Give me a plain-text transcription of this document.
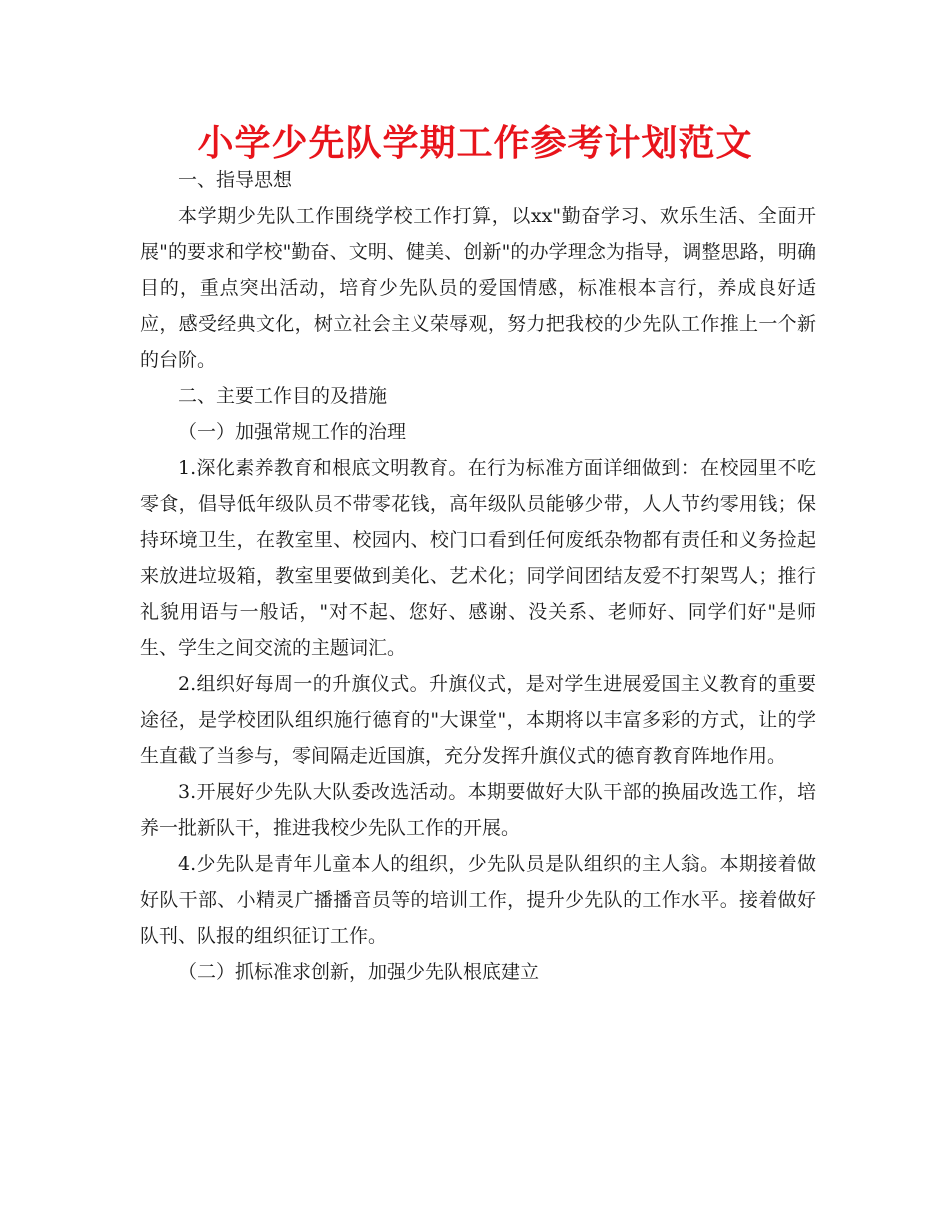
小学少先队学期工作参考计划范文

一、指导思想

本学期少先队工作围绕学校工作打算，以xx"勤奋学习、欢乐生活、全面开展"的要求和学校"勤奋、文明、健美、创新"的办学理念为指导，调整思路，明确目的，重点突出活动，培育少先队员的爱国情感，标准根本言行，养成良好适应，感受经典文化，树立社会主义荣辱观，努力把我校的少先队工作推上一个新的台阶。

二、主要工作目的及措施

（一）加强常规工作的治理

1.深化素养教育和根底文明教育。在行为标准方面详细做到：在校园里不吃零食，倡导低年级队员不带零花钱，高年级队员能够少带，人人节约零用钱；保持环境卫生，在教室里、校园内、校门口看到任何废纸杂物都有责任和义务捡起来放进垃圾箱，教室里要做到美化、艺术化；同学间团结友爱不打架骂人；推行礼貌用语与一般话，"对不起、您好、感谢、没关系、老师好、同学们好"是师生、学生之间交流的主题词汇。

2.组织好每周一的升旗仪式。升旗仪式，是对学生进展爱国主义教育的重要途径，是学校团队组织施行德育的"大课堂"，本期将以丰富多彩的方式，让的学生直截了当参与，零间隔走近国旗，充分发挥升旗仪式的德育教育阵地作用。

3.开展好少先队大队委改选活动。本期要做好大队干部的换届改选工作，培养一批新队干，推进我校少先队工作的开展。

4.少先队是青年儿童本人的组织，少先队员是队组织的主人翁。本期接着做好队干部、小精灵广播播音员等的培训工作，提升少先队的工作水平。接着做好队刊、队报的组织征订工作。

（二）抓标准求创新，加强少先队根底建立
